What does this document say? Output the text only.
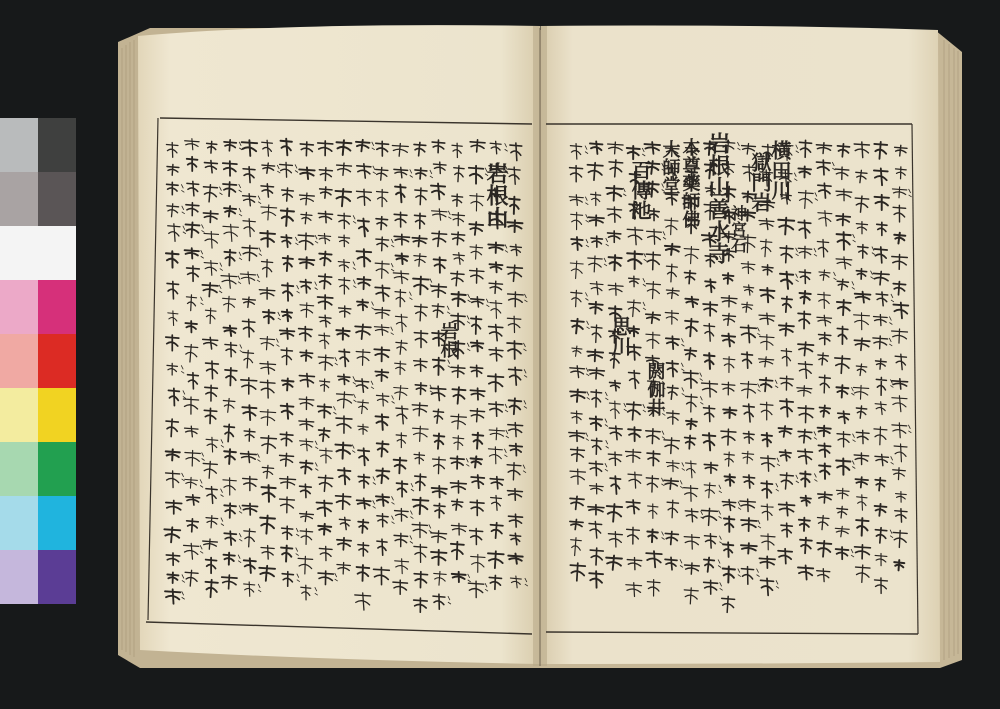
横田川
獄門岩
神宮石
岩根山善水寺
本尊藥師佛
大師堂
百傳池
思川
閼伽井
岩根山
岩根
